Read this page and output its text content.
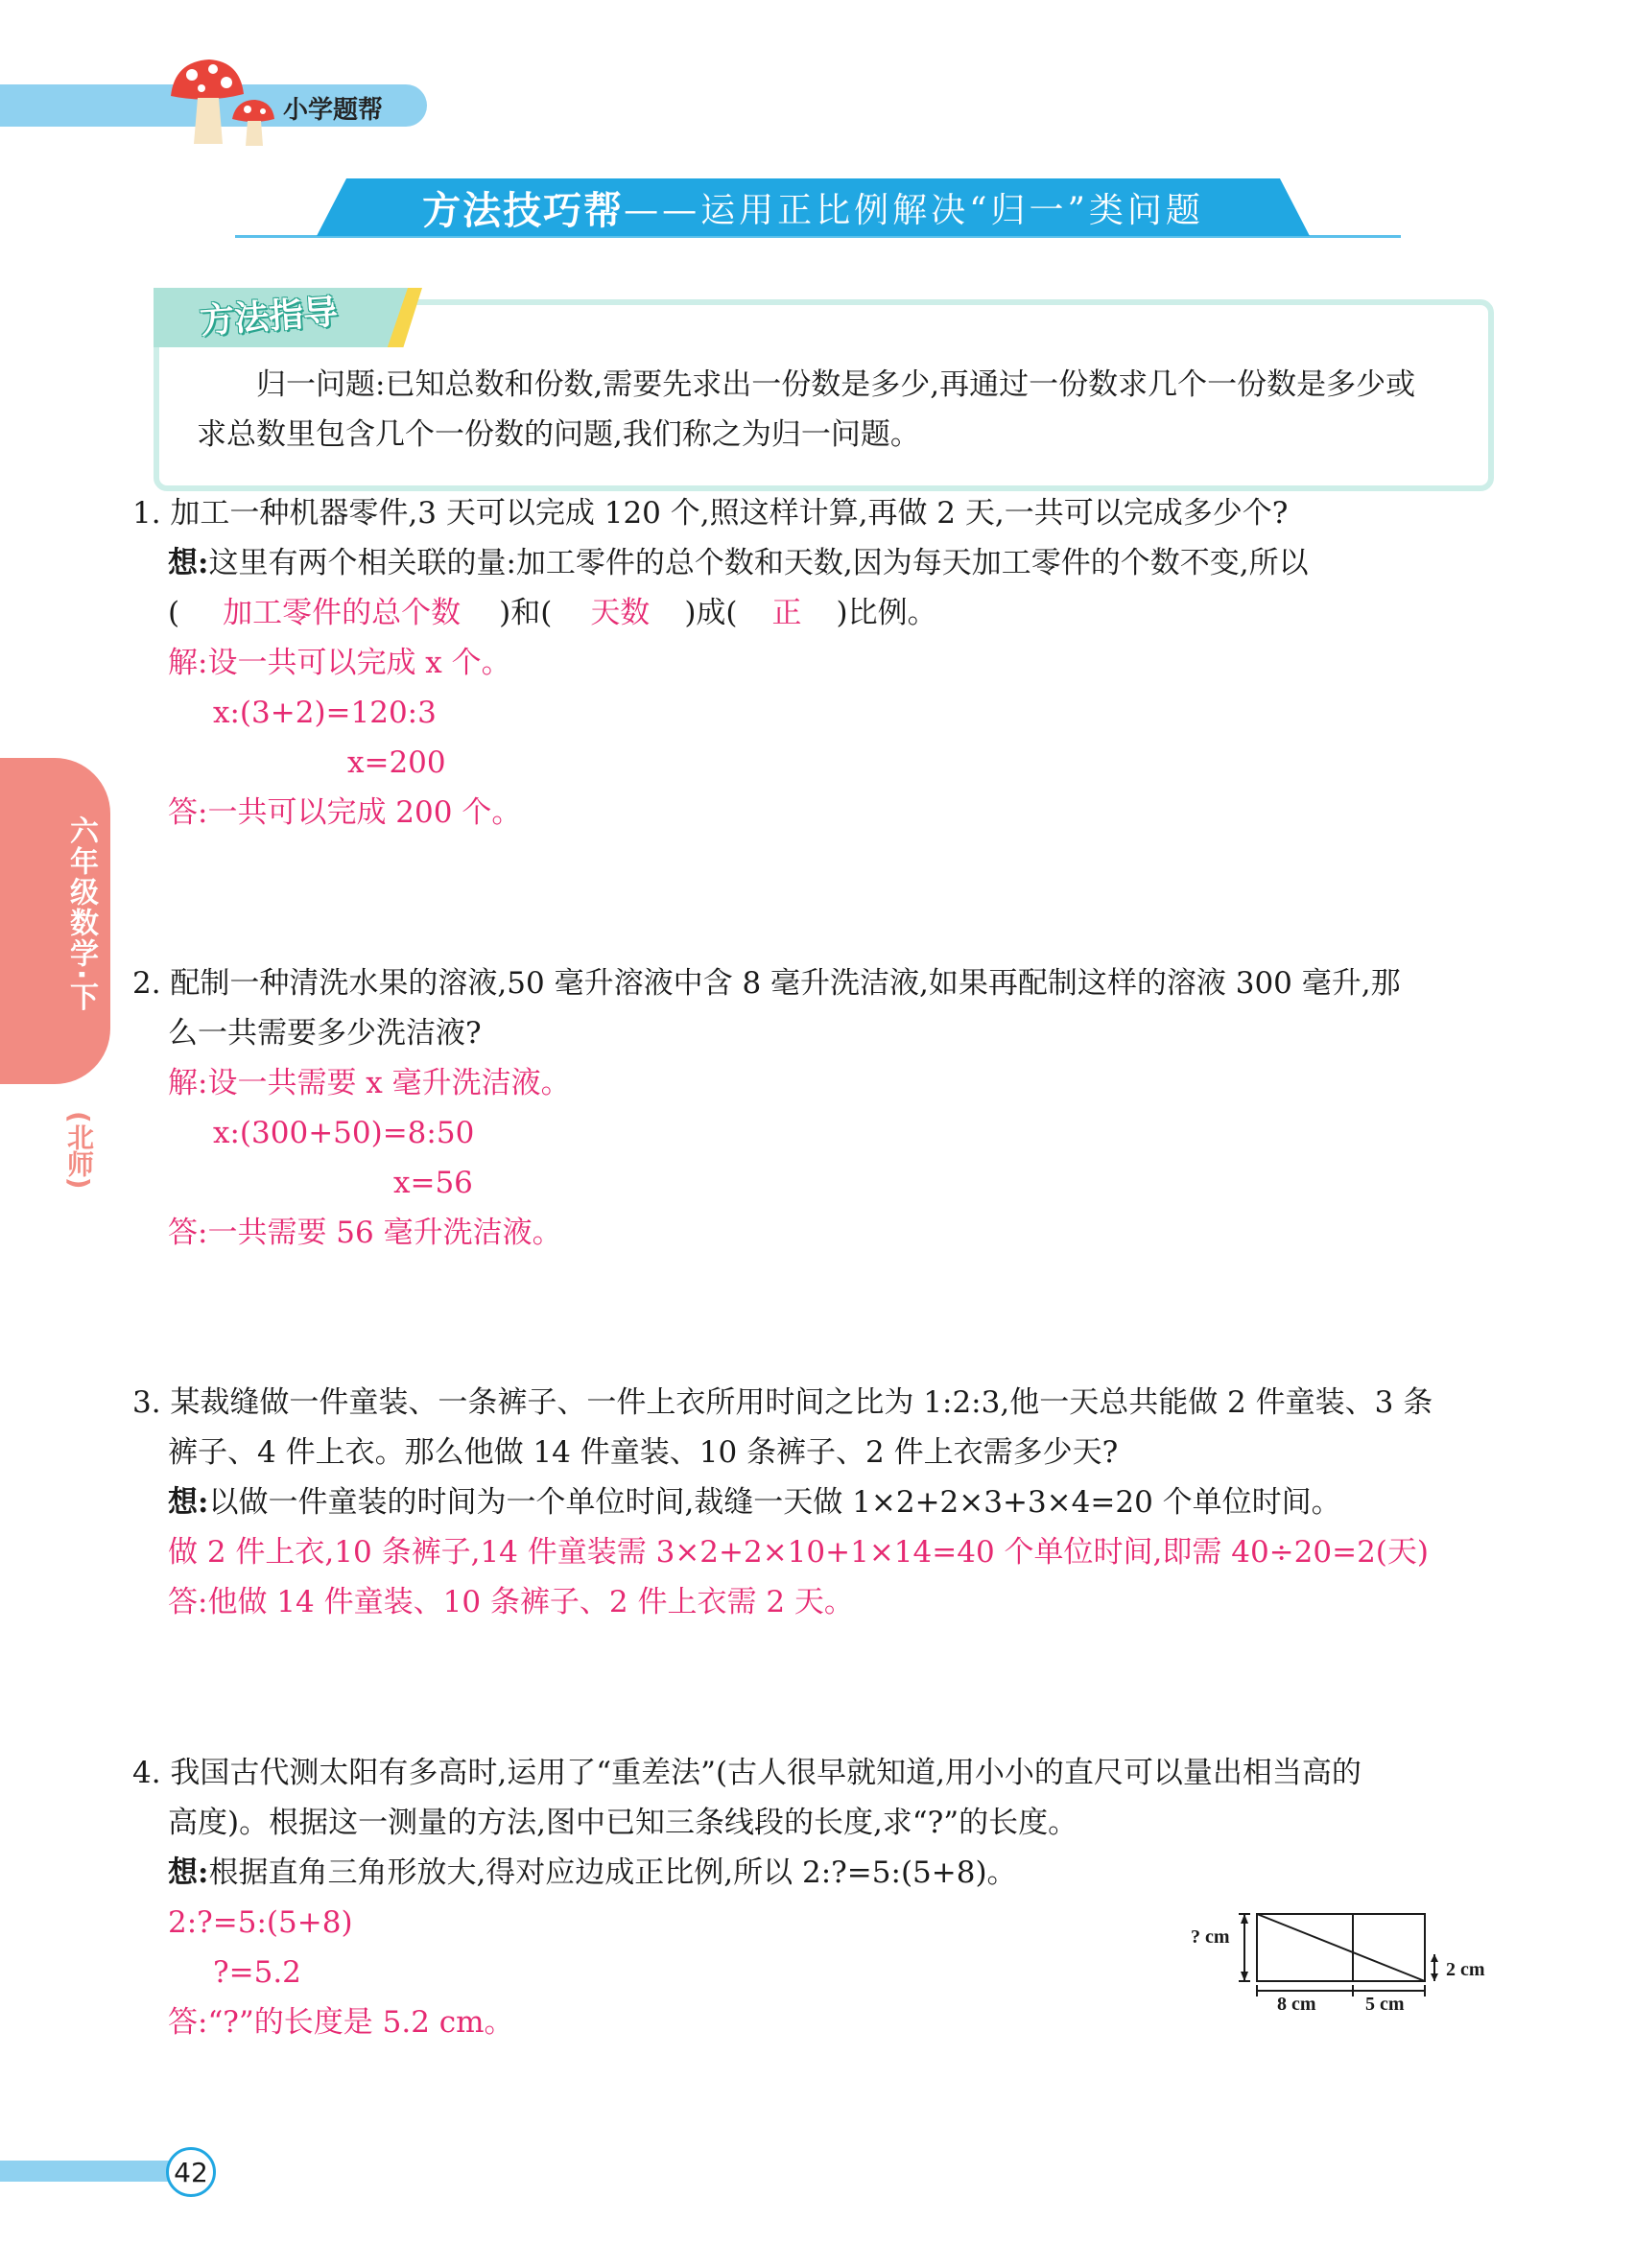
小学题帮
方法技巧帮 ——运用正比例解决“归一”类问题
方法指导
归一问题:已知总数和份数,需要先求出一份数是多少,再通过一份数求几个一份数是多少或求总数里包含几个一份数的问题,我们称之为归一问题。
六年级数学·下
(北师)
1. 加工一种机器零件,3 天可以完成 120 个,照这样计算,再做 2 天,一共可以完成多少个?
想:这里有两个相关联的量:加工零件的总个数和天数,因为每天加工零件的个数不变,所以
( 加工零件的总个数 )和( 天数 )成( 正 )比例。
解:设一共可以完成 x 个。
x:(3+2)=120:3
x=200
答:一共可以完成 200 个。
2. 配制一种清洗水果的溶液,50 毫升溶液中含 8 毫升洗洁液,如果再配制这样的溶液 300 毫升,那
么一共需要多少洗洁液?
解:设一共需要 x 毫升洗洁液。
x:(300+50)=8:50
x=56
答:一共需要 56 毫升洗洁液。
3. 某裁缝做一件童装、一条裤子、一件上衣所用时间之比为 1:2:3,他一天总共能做 2 件童装、3 条
裤子、4 件上衣。那么他做 14 件童装、10 条裤子、2 件上衣需多少天?
想:以做一件童装的时间为一个单位时间,裁缝一天做 1×2+2×3+3×4=20 个单位时间。
做 2 件上衣,10 条裤子,14 件童装需 3×2+2×10+1×14=40 个单位时间,即需 40÷20=2(天)
答:他做 14 件童装、10 条裤子、2 件上衣需 2 天。
4. 我国古代测太阳有多高时,运用了“重差法”(古人很早就知道,用小小的直尺可以量出相当高的
高度)。根据这一测量的方法,图中已知三条线段的长度,求“?”的长度。
想:根据直角三角形放大,得对应边成正比例,所以 2:?=5:(5+8)。
2:?=5:(5+8)
?=5.2
答:“?”的长度是 5.2 cm。
? cm
2 cm
8 cm	5 cm
42
